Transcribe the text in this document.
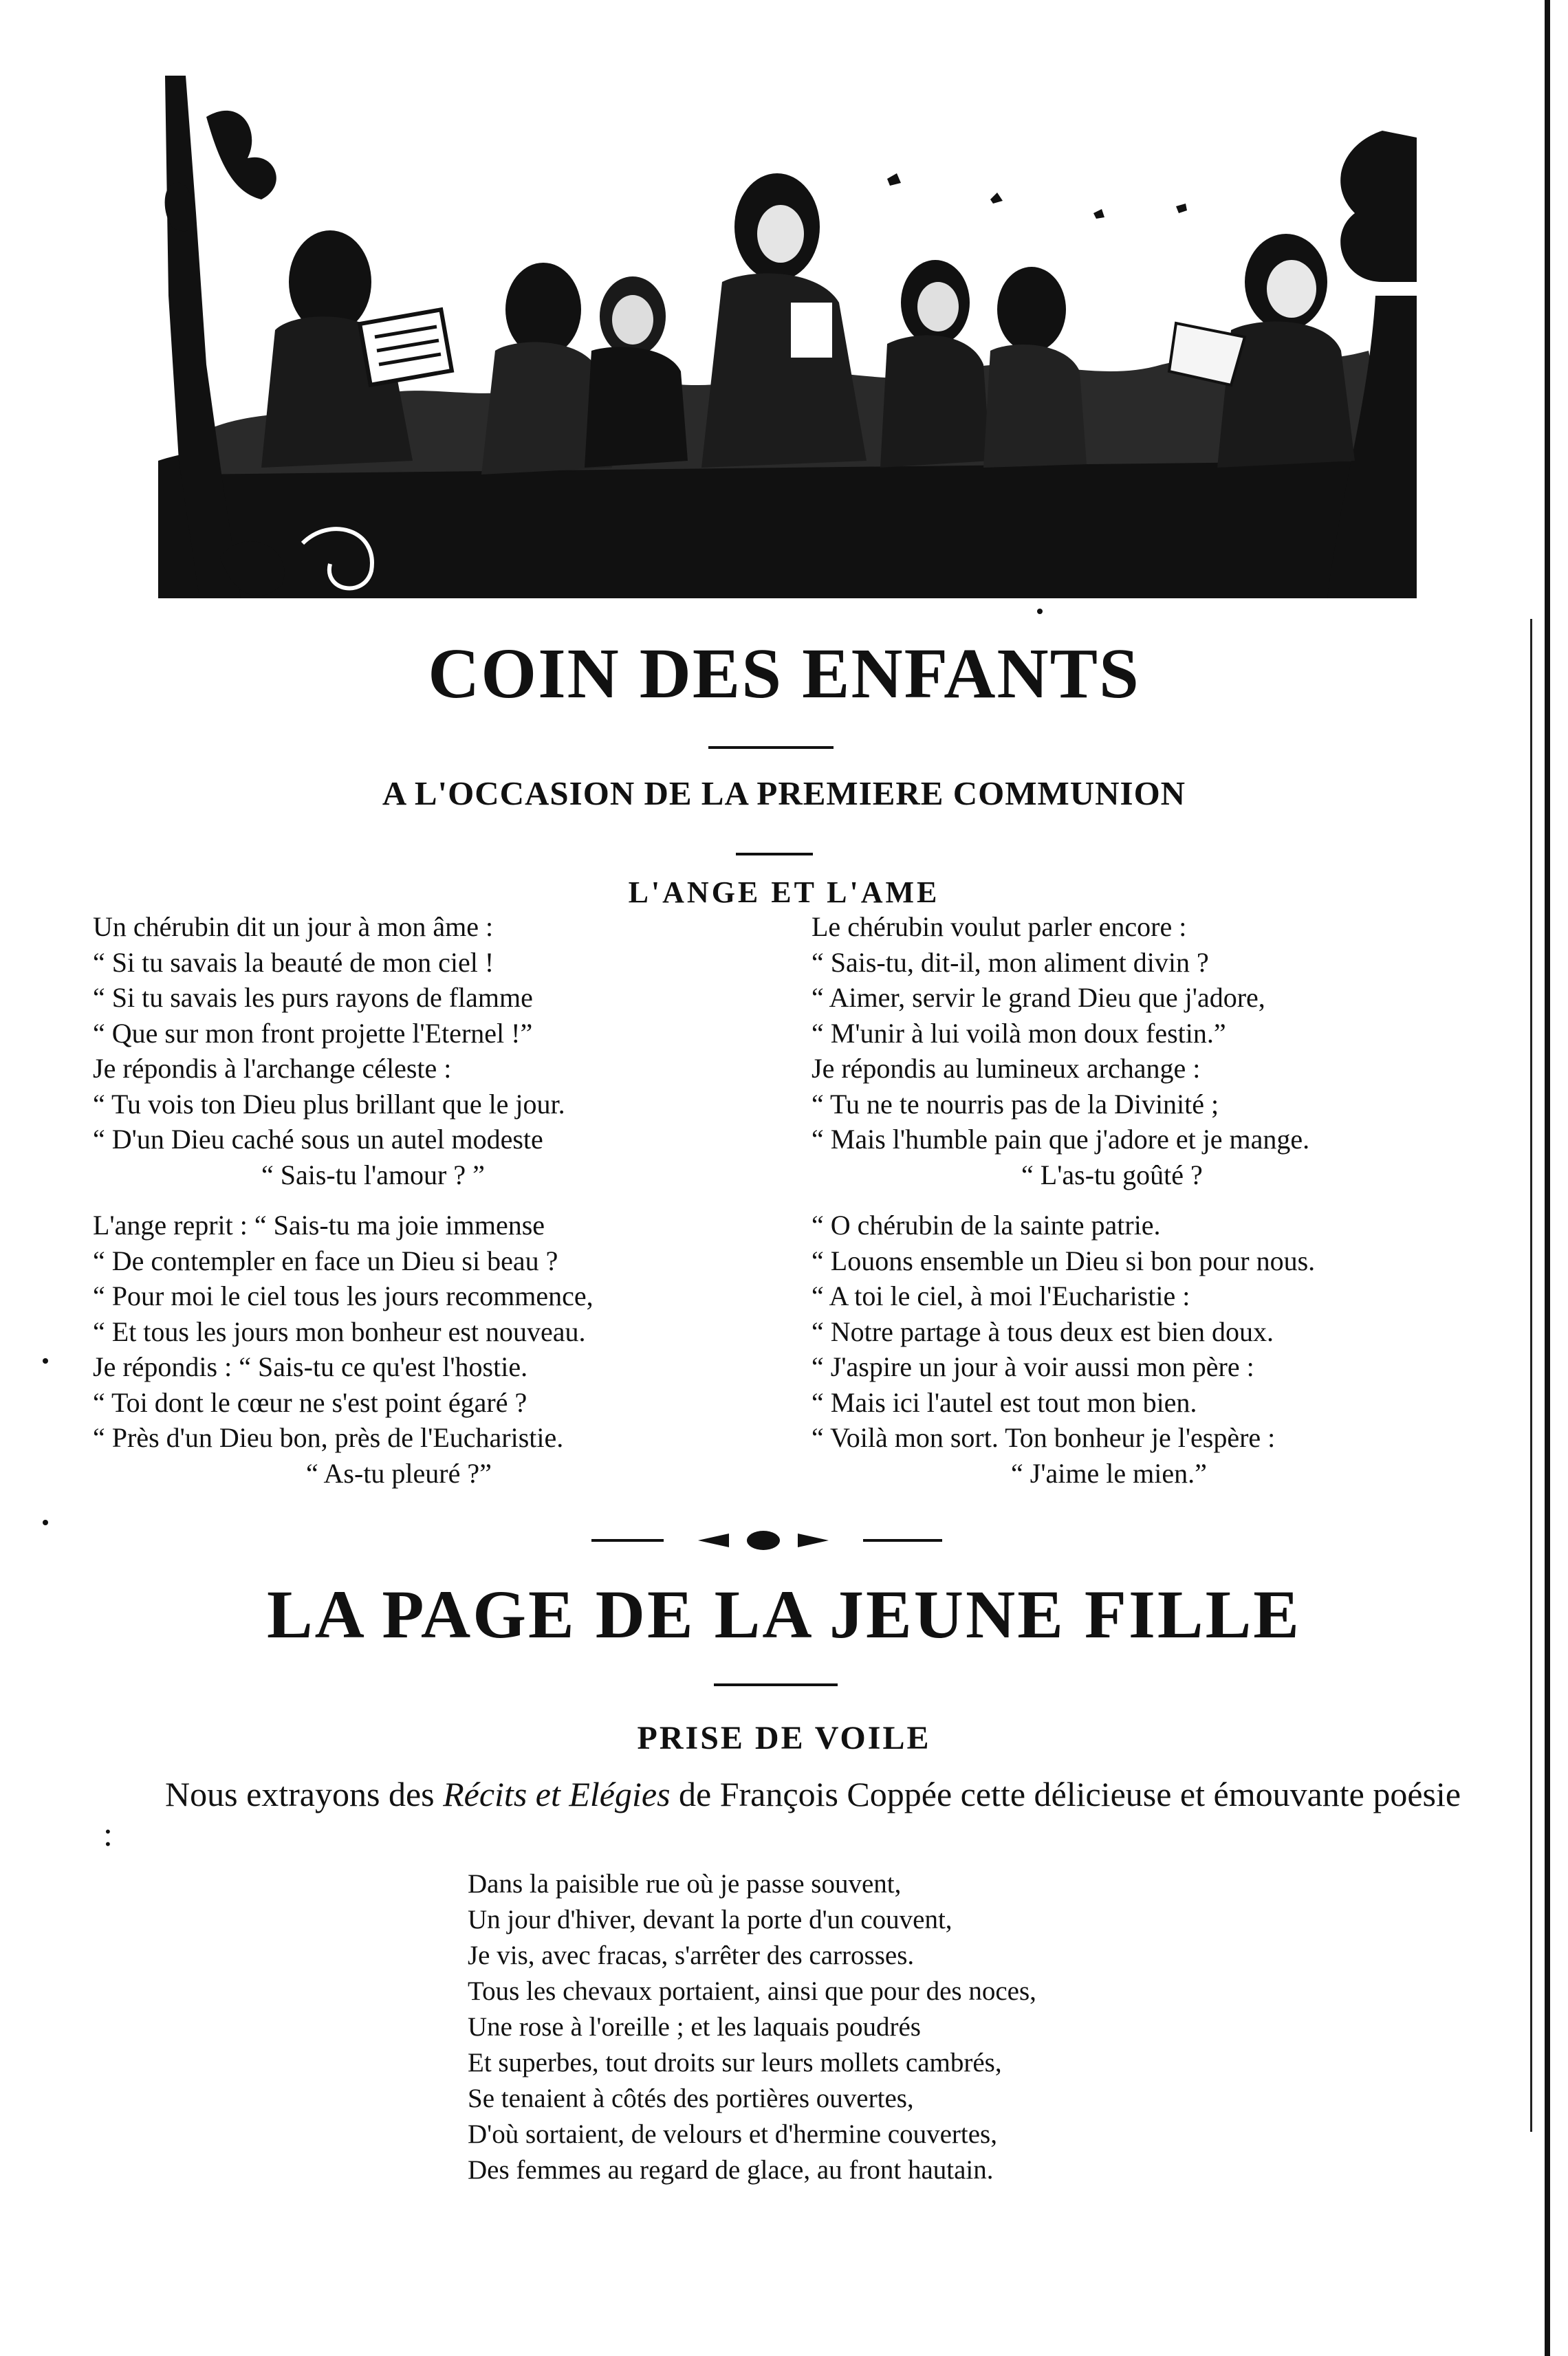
COIN DES ENFANTS
A L'OCCASION DE LA PREMIERE COMMUNION
L'ANGE ET L'AME
Un chérubin dit un jour à mon âme :
“ Si tu savais la beauté de mon ciel !
“ Si tu savais les purs rayons de flamme
“ Que sur mon front projette l'Eternel !”
Je répondis à l'archange céleste :
“ Tu vois ton Dieu plus brillant que le jour.
“ D'un Dieu caché sous un autel modeste
“ Sais-tu l'amour ? ”
L'ange reprit : “ Sais-tu ma joie immense
“ De contempler en face un Dieu si beau ?
“ Pour moi le ciel tous les jours recommence,
“ Et tous les jours mon bonheur est nouveau.
Je répondis : “ Sais-tu ce qu'est l'hostie.
“ Toi dont le cœur ne s'est point égaré ?
“ Près d'un Dieu bon, près de l'Eucharistie.
“ As-tu pleuré ?”
Le chérubin voulut parler encore :
“ Sais-tu, dit-il, mon aliment divin ?
“ Aimer, servir le grand Dieu que j'adore,
“ M'unir à lui voilà mon doux festin.”
Je répondis au lumineux archange :
“ Tu ne te nourris pas de la Divinité ;
“ Mais l'humble pain que j'adore et je mange.
“ L'as-tu goûté ?
“ O chérubin de la sainte patrie.
“ Louons ensemble un Dieu si bon pour nous.
“ A toi le ciel, à moi l'Eucharistie :
“ Notre partage à tous deux est bien doux.
“ J'aspire un jour à voir aussi mon père :
“ Mais ici l'autel est tout mon bien.
“ Voilà mon sort. Ton bonheur je l'espère :
“ J'aime le mien.”
LA PAGE DE LA JEUNE FILLE
PRISE DE VOILE

Nous extrayons des Récits et Elégies de François Coppée cette délicieuse et émouvante poésie :

Dans la paisible rue où je passe souvent,
Un jour d'hiver, devant la porte d'un couvent,
Je vis, avec fracas, s'arrêter des carrosses.
Tous les chevaux portaient, ainsi que pour des noces,
Une rose à l'oreille ; et les laquais poudrés
Et superbes, tout droits sur leurs mollets cambrés,
Se tenaient à côtés des portières ouvertes,
D'où sortaient, de velours et d'hermine couvertes,
Des femmes au regard de glace, au front hautain.
